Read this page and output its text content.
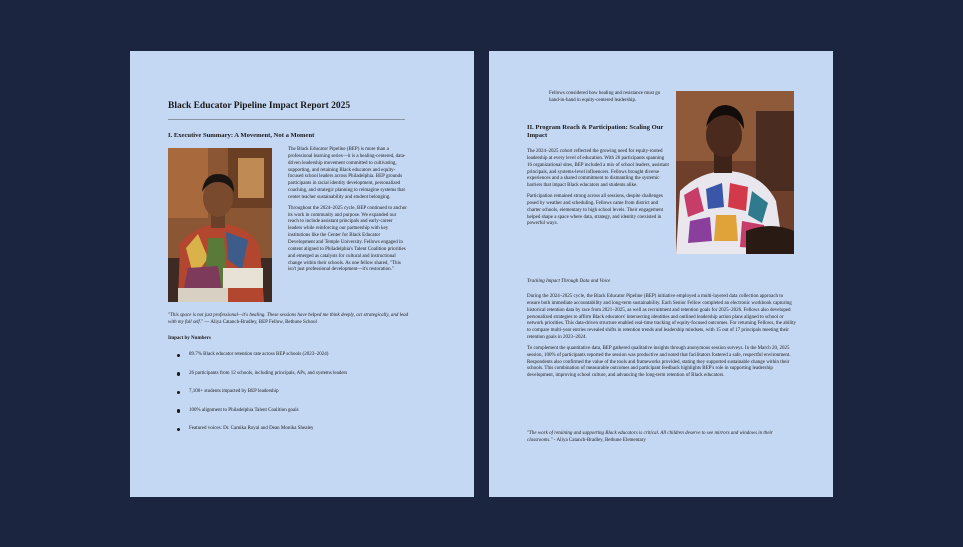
Black Educator Pipeline Impact Report 2025
I. Executive Summary: A Movement, Not a Moment

The Black Educator Pipeline (BEP) is more than a professional learning series—it is a healing-centered, data-driven leadership movement committed to cultivating, supporting, and retaining Black educators and equity-focused school leaders across Philadelphia. BEP grounds participants in racial identity development, personalized coaching, and strategic planning to reimagine systems that center teacher sustainability and student belonging.

Throughout the 2024–2025 cycle, BEP continued to anchor its work in community and purpose. We expanded our reach to include assistant principals and early-career leaders while reinforcing our partnership with key institutions like the Center for Black Educator Development and Temple University. Fellows engaged in content aligned to Philadelphia's Talent Coalition priorities and emerged as catalysts for cultural and instructional change within their schools. As one fellow shared, "This isn't just professional development—it's restoration."

"This space is not just professional—it's healing. These sessions have helped me think deeply, act strategically, and lead with my full self." — Aliya Catanch-Bradley, BEP Fellow, Bethune School
Impact by Numbers
89.7% Black educator retention rate across BEP schools (2023–2024)
26 participants from 12 schools, including principals, APs, and systems leaders
7,100+ students impacted by BEP leadership
100% alignment to Philadelphia Talent Coalition goals
Featured voices: Dr. Camika Royal and Dean Monika Shealey
Fellows considered how healing and resistance must go hand-in-hand in equity-centered leadership.
II. Program Reach & Participation: Scaling Our Impact

The 2024–2025 cohort reflected the growing need for equity-rooted leadership at every level of education. With 26 participants spanning 16 organizational sites, BEP included a mix of school leaders, assistant principals, and systems-level influencers. Fellows brought diverse experiences and a shared commitment to dismantling the systemic barriers that impact Black educators and students alike.

Participation remained strong across all sessions, despite challenges posed by weather and scheduling. Fellows came from district and charter schools, elementary to high school levels. Their engagement helped shape a space where data, strategy, and identity coexisted in powerful ways.

Tracking Impact Through Data and Voice

During the 2024–2025 cycle, the Black Educator Pipeline (BEP) initiative employed a multi-layered data collection approach to ensure both immediate accountability and long-term sustainability. Each Senior Fellow completed an electronic workbook capturing historical retention data by race from 2021–2025, as well as recruitment and retention goals for 2025–2026. Fellows also developed personalized strategies to affirm Black educators' intersecting identities and outlined leadership action plans aligned to school or network priorities. This data-driven structure enabled real-time tracking of equity-focused outcomes. For returning Fellows, the ability to compare multi-year entries revealed shifts in retention trends and leadership mindsets, with 15 out of 17 principals meeting their retention goals in 2023–2024.

To complement the quantitative data, BEP gathered qualitative insights through anonymous session surveys. In the March 20, 2025 session, 100% of participants reported the session was productive and noted that facilitators fostered a safe, respectful environment. Respondents also confirmed the value of the tools and frameworks provided, stating they supported sustainable change within their schools. This combination of measurable outcomes and participant feedback highlights BEP's role in supporting leadership development, improving school culture, and advancing the long-term retention of Black educators.

"The work of retaining and supporting Black educators is critical. All children deserve to see mirrors and windows in their classrooms." - Aliya Catanch-Bradley, Bethune Elementary
